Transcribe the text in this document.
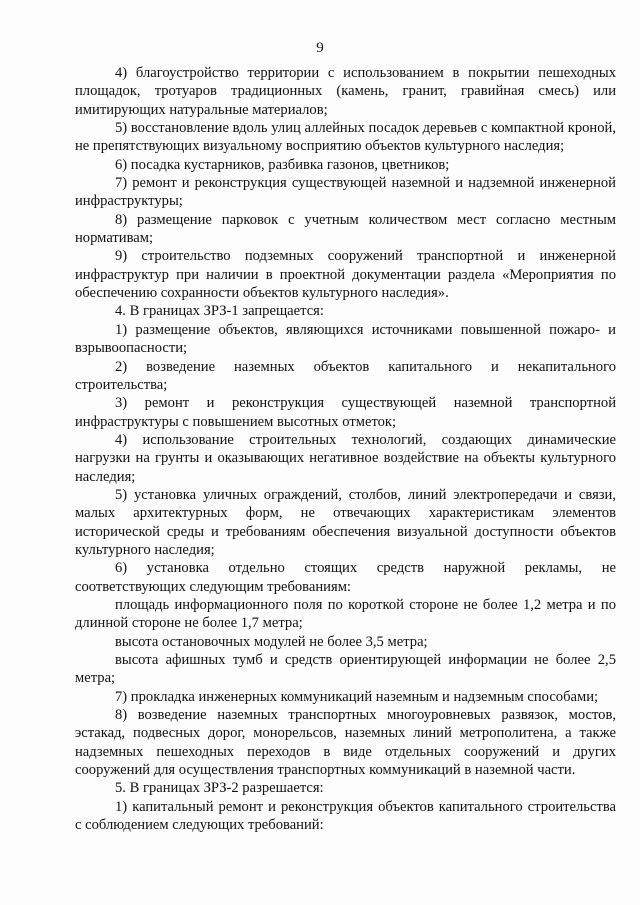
9

4) благоустройство территории с использованием в покрытии пешеходных площадок, тротуаров традиционных (камень, гранит, гравийная смесь) или имитирующих натуральные материалов;

5) восстановление вдоль улиц аллейных посадок деревьев с компактной кроной, не препятствующих визуальному восприятию объектов культурного наследия;

6) посадка кустарников, разбивка газонов, цветников;

7) ремонт и реконструкция существующей наземной и надземной инженерной инфраструктуры;

8) размещение парковок с учетным количеством мест согласно местным нормативам;

9) строительство подземных сооружений транспортной и инженерной инфраструктур при наличии в проектной документации раздела «Мероприятия по обеспечению сохранности объектов культурного наследия».

4. В границах ЗРЗ-1 запрещается:

1) размещение объектов, являющихся источниками повышенной пожаро- и взрывоопасности;

2) возведение наземных объектов капитального и некапитального строительства;

3) ремонт и реконструкция существующей наземной транспортной инфраструктуры с повышением высотных отметок;

4) использование строительных технологий, создающих динамические нагрузки на грунты и оказывающих негативное воздействие на объекты культурного наследия;

5) установка уличных ограждений, столбов, линий электропередачи и связи, малых архитектурных форм, не отвечающих характеристикам элементов исторической среды и требованиям обеспечения визуальной доступности объектов культурного наследия;

6) установка отдельно стоящих средств наружной рекламы, не соответствующих следующим требованиям:

площадь информационного поля по короткой стороне не более 1,2 метра и по длинной стороне не более 1,7 метра;

высота остановочных модулей не более 3,5 метра;

высота афишных тумб и средств ориентирующей информации не более 2,5 метра;

7) прокладка инженерных коммуникаций наземным и надземным способами;

8) возведение наземных транспортных многоуровневых развязок, мостов, эстакад, подвесных дорог, монорельсов, наземных линий метрополитена, а также надземных пешеходных переходов в виде отдельных сооружений и других сооружений для осуществления транспортных коммуникаций в наземной части.

5. В границах ЗРЗ-2 разрешается:

1) капитальный ремонт и реконструкция объектов капитального строительства с соблюдением следующих требований:
